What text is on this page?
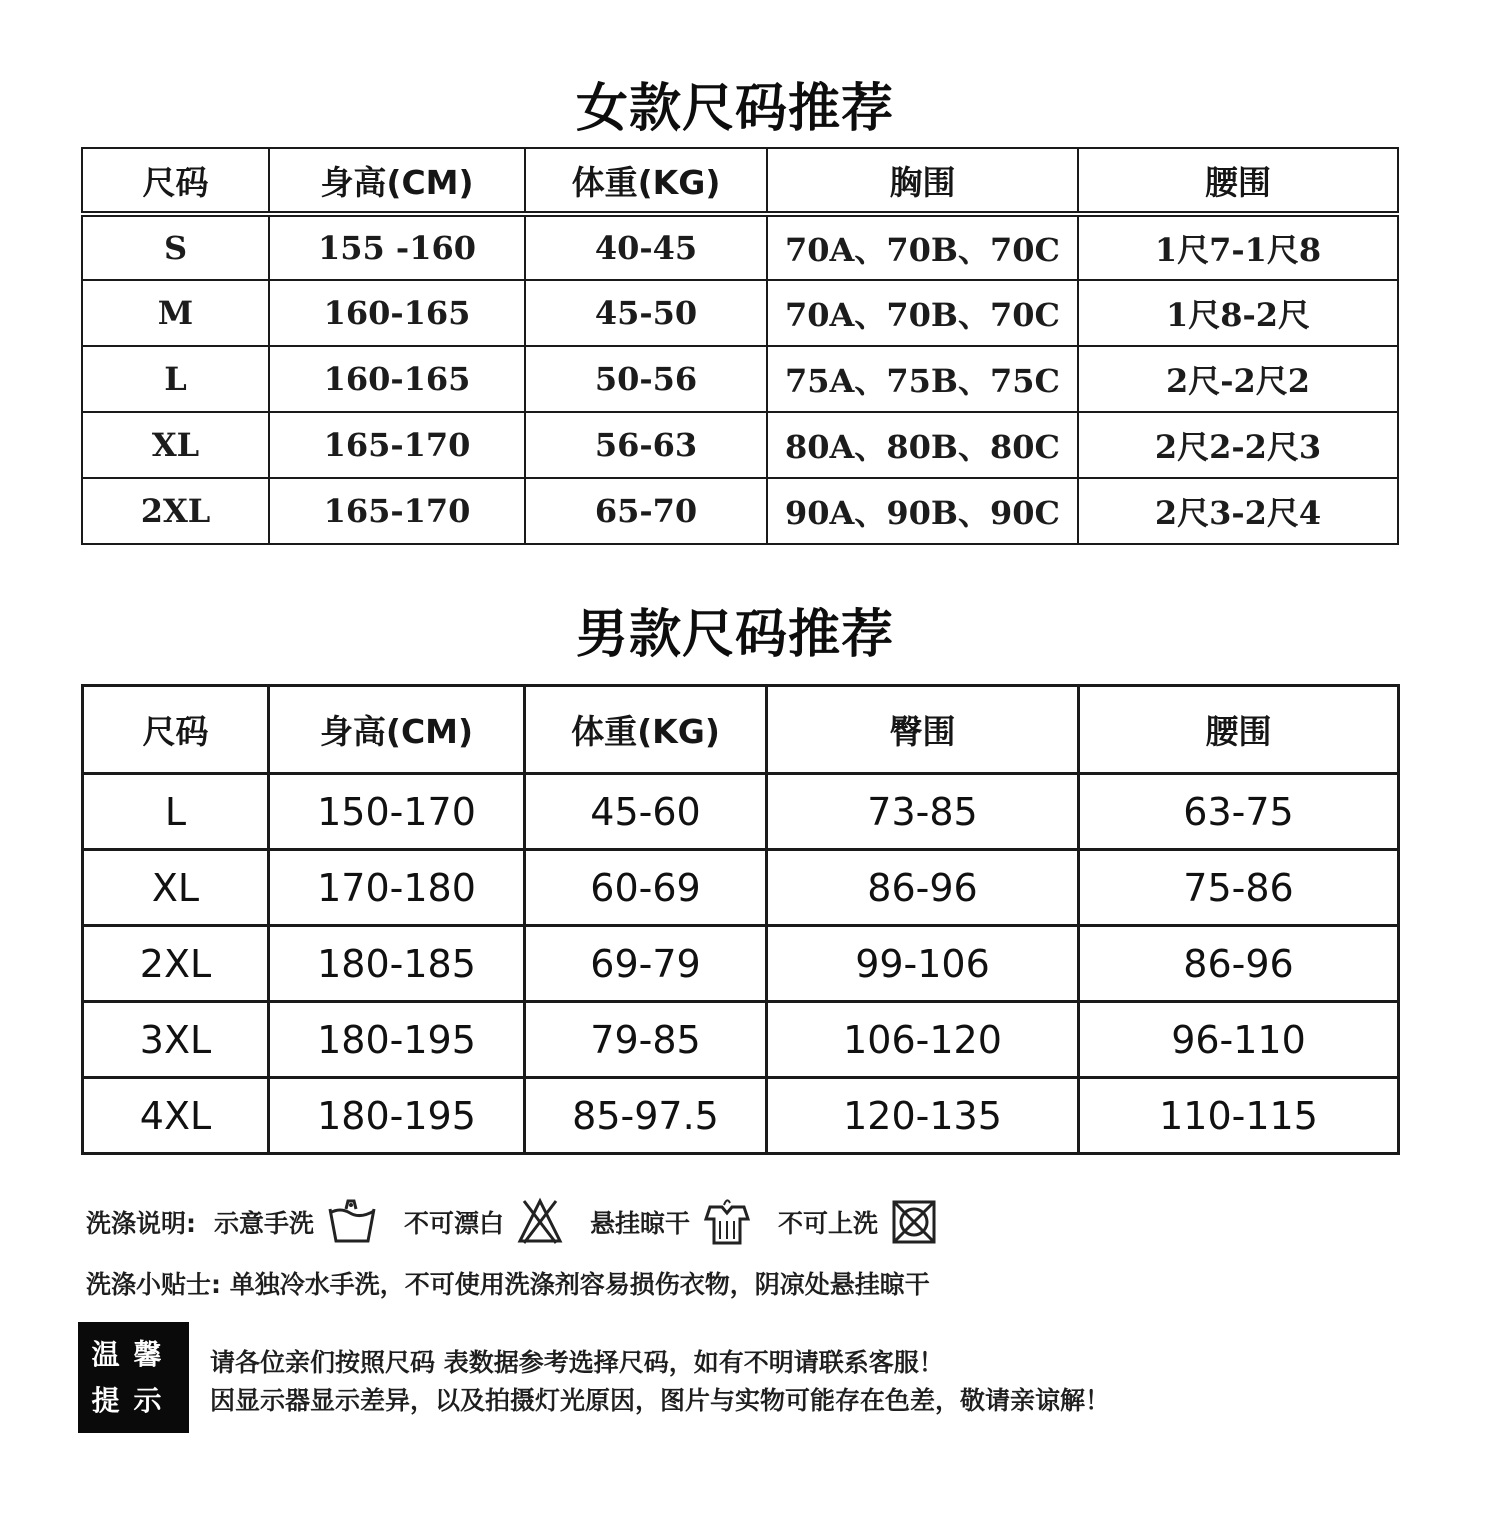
女款尺码推荐
尺码	身高(CM)	体重(KG)	胸围	腰围
S	155 -160	40-45	70A、70B、70C	1尺7-1尺8
M	160-165	45-50	70A、70B、70C	1尺8-2尺
L	160-165	50-56	75A、75B、75C	2尺-2尺2
XL	165-170	56-63	80A、80B、80C	2尺2-2尺3
2XL	165-170	65-70	90A、90B、90C	2尺3-2尺4
男款尺码推荐
尺码	身高(CM)	体重(KG)	臀围	腰围
L	150-170	45-60	73-85	63-75
XL	170-180	60-69	86-96	75-86
2XL	180-185	69-79	99-106	86-96
3XL	180-195	79-85	106-120	96-110
4XL	180-195	85-97.5	120-135	110-115
洗涤说明: 示意手洗	不可漂白	悬挂晾干	不可上洗
洗涤小贴士: 单独冷水手洗，不可使用洗涤剂容易损伤衣物，阴凉处悬挂晾干
温馨
提示
请各位亲们按照尺码 表数据参考选择尺码，如有不明请联系客服！
因显示器显示差异，以及拍摄灯光原因，图片与实物可能存在色差，敬请亲谅解！
